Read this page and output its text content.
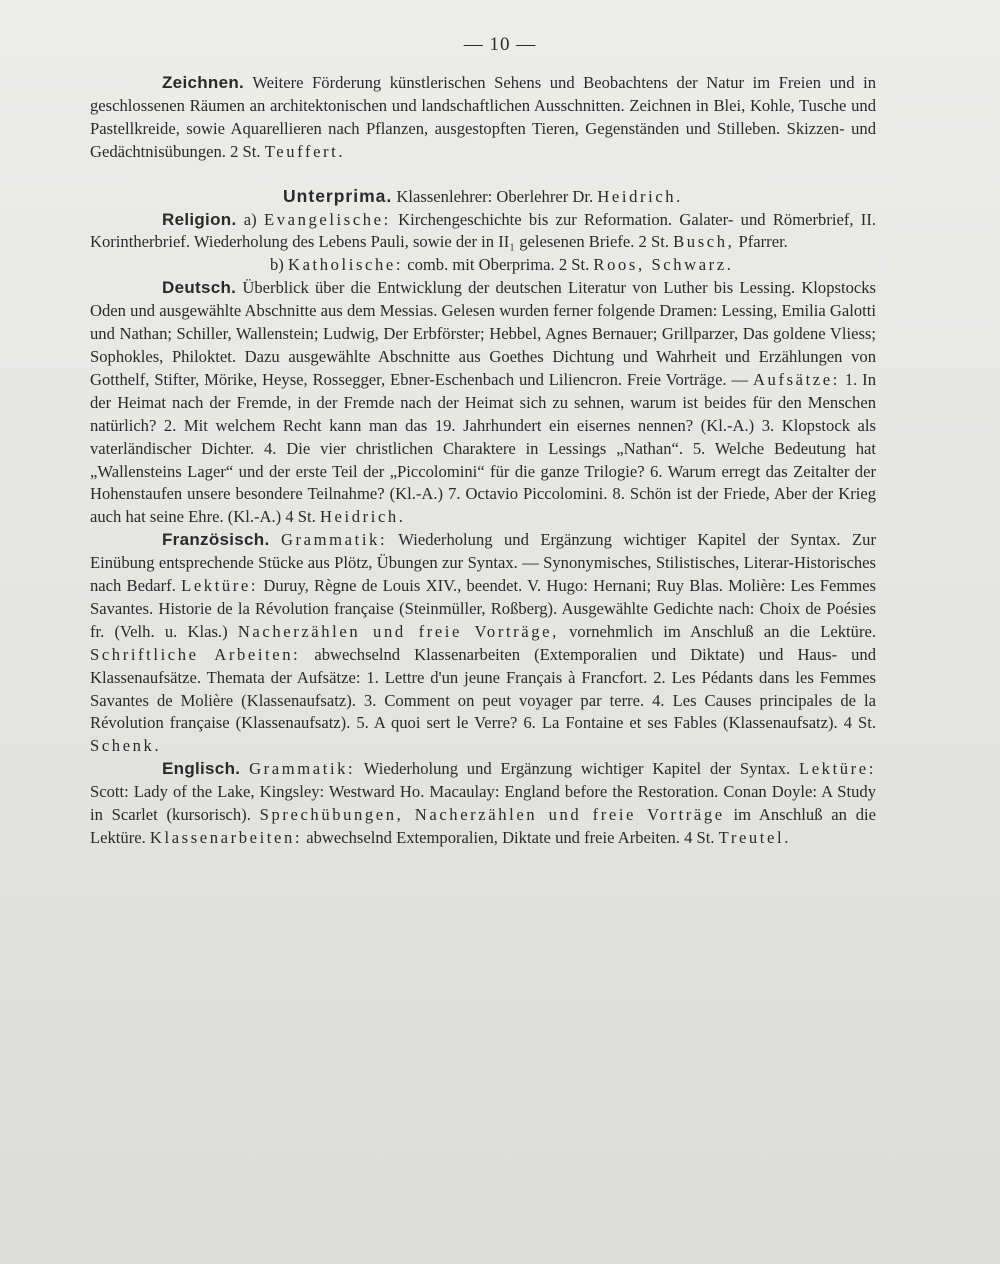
— 10 —

Zeichnen. Weitere Förderung künstlerischen Sehens und Beobachtens der Natur im Freien und in geschlossenen Räumen an architektonischen und landschaftlichen Ausschnitten. Zeichnen in Blei, Kohle, Tusche und Pastellkreide, sowie Aquarellieren nach Pflanzen, ausgestopften Tieren, Gegenständen und Stilleben. Skizzen- und Gedächtnisübungen. 2 St. Teuffert.

Unterprima. Klassenlehrer: Oberlehrer Dr. Heidrich.

Religion. a) Evangelische: Kirchengeschichte bis zur Reformation. Galater- und Römerbrief, II. Korintherbrief. Wiederholung des Lebens Pauli, sowie der in II₁ gelesenen Briefe. 2 St. Busch, Pfarrer.

b) Katholische: comb. mit Oberprima. 2 St. Roos, Schwarz.

Deutsch. Überblick über die Entwicklung der deutschen Literatur von Luther bis Lessing. Klopstocks Oden und ausgewählte Abschnitte aus dem Messias. Gelesen wurden ferner folgende Dramen: Lessing, Emilia Galotti und Nathan; Schiller, Wallenstein; Ludwig, Der Erbförster; Hebbel, Agnes Bernauer; Grillparzer, Das goldene Vliess; Sophokles, Philoktet. Dazu ausgewählte Abschnitte aus Goethes Dichtung und Wahrheit und Erzählungen von Gotthelf, Stifter, Mörike, Heyse, Rossegger, Ebner-Eschenbach und Liliencron. Freie Vorträge. — Aufsätze: 1. In der Heimat nach der Fremde, in der Fremde nach der Heimat sich zu sehnen, warum ist beides für den Menschen natürlich? 2. Mit welchem Recht kann man das 19. Jahrhundert ein eisernes nennen? (Kl.-A.) 3. Klopstock als vaterländischer Dichter. 4. Die vier christlichen Charaktere in Lessings „Nathan“. 5. Welche Bedeutung hat „Wallensteins Lager“ und der erste Teil der „Piccolomini“ für die ganze Trilogie? 6. Warum erregt das Zeitalter der Hohenstaufen unsere besondere Teilnahme? (Kl.-A.) 7. Octavio Piccolomini. 8. Schön ist der Friede, Aber der Krieg auch hat seine Ehre. (Kl.-A.) 4 St. Heidrich.

Französisch. Grammatik: Wiederholung und Ergänzung wichtiger Kapitel der Syntax. Zur Einübung entsprechende Stücke aus Plötz, Übungen zur Syntax. — Synonymisches, Stilistisches, Literar-Historisches nach Bedarf. Lektüre: Duruy, Règne de Louis XIV., beendet. V. Hugo: Hernani; Ruy Blas. Molière: Les Femmes Savantes. Historie de la Révolution française (Steinmüller, Roßberg). Ausgewählte Gedichte nach: Choix de Poésies fr. (Velh. u. Klas.) Nacherzählen und freie Vorträge, vornehmlich im Anschluß an die Lektüre. Schriftliche Arbeiten: abwechselnd Klassenarbeiten (Extemporalien und Diktate) und Haus- und Klassenaufsätze. Themata der Aufsätze: 1. Lettre d'un jeune Français à Francfort. 2. Les Pédants dans les Femmes Savantes de Molière (Klassenaufsatz). 3. Comment on peut voyager par terre. 4. Les Causes principales de la Révolution française (Klassenaufsatz). 5. A quoi sert le Verre? 6. La Fontaine et ses Fables (Klassenaufsatz). 4 St. Schenk.

Englisch. Grammatik: Wiederholung und Ergänzung wichtiger Kapitel der Syntax. Lektüre: Scott: Lady of the Lake, Kingsley: Westward Ho. Macaulay: England before the Restoration. Conan Doyle: A Study in Scarlet (kursorisch). Sprechübungen, Nacherzählen und freie Vorträge im Anschluß an die Lektüre. Klassenarbeiten: abwechselnd Extemporalien, Diktate und freie Arbeiten. 4 St. Treutel.
